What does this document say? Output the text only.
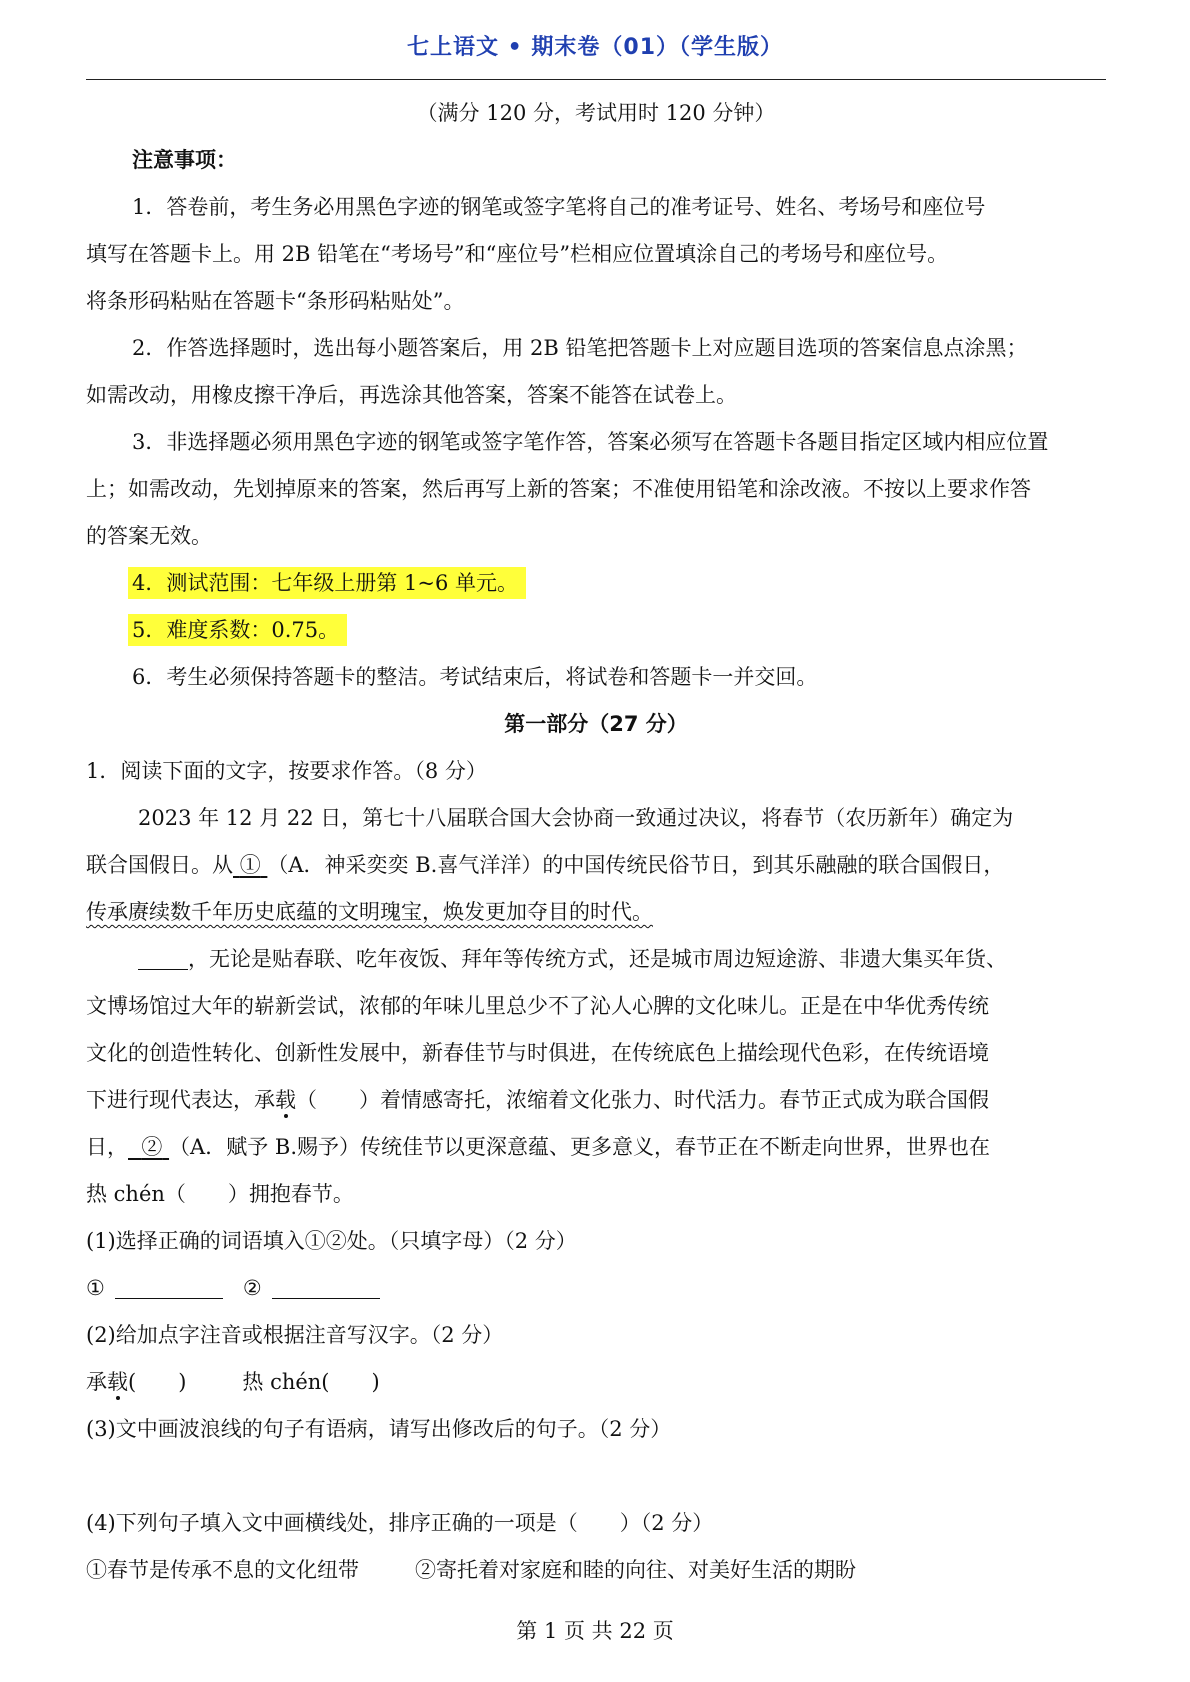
七上语文 • 期末卷（01）（学生版）
（满分 120 分，考试用时 120 分钟）
注意事项：
1．答卷前，考生务必用黑色字迹的钢笔或签字笔将自己的准考证号、姓名、考场号和座位号
填写在答题卡上。用 2B 铅笔在“考场号”和“座位号”栏相应位置填涂自己的考场号和座位号。
将条形码粘贴在答题卡“条形码粘贴处”。
2．作答选择题时，选出每小题答案后，用 2B 铅笔把答题卡上对应题目选项的答案信息点涂黑；
如需改动，用橡皮擦干净后，再选涂其他答案，答案不能答在试卷上。
3．非选择题必须用黑色字迹的钢笔或签字笔作答，答案必须写在答题卡各题目指定区域内相应位置
上；如需改动，先划掉原来的答案，然后再写上新的答案；不准使用铅笔和涂改液。不按以上要求作答
的答案无效。
4．测试范围：七年级上册第 1~6 单元。
5．难度系数：0.75。
6．考生必须保持答题卡的整洁。考试结束后，将试卷和答题卡一并交回。
第一部分（27 分）
1．阅读下面的文字，按要求作答。（8 分）
2023 年 12 月 22 日，第七十八届联合国大会协商一致通过决议，将春节（农历新年）确定为
联合国假日。从 ① （A．神采奕奕 B.喜气洋洋）的中国传统民俗节日，到其乐融融的联合国假日，
传承赓续数千年历史底蕴的文明瑰宝，焕发更加夺目的时代。
，无论是贴春联、吃年夜饭、拜年等传统方式，还是城市周边短途游、非遗大集买年货、
文博场馆过大年的崭新尝试，浓郁的年味儿里总少不了沁人心脾的文化味儿。正是在中华优秀传统
文化的创造性转化、创新性发展中，新春佳节与时俱进，在传统底色上描绘现代色彩，在传统语境
下进行现代表达，承载（　　）着情感寄托，浓缩着文化张力、时代活力。春节正式成为联合国假
日， ② （A．赋予 B.赐予）传统佳节以更深意蕴、更多意义，春节正在不断走向世界，世界也在
热 chén（　　）拥抱春节。
(1)选择正确的词语填入①②处。（只填字母）（2 分）
①	②
(2)给加点字注音或根据注音写汉字。（2 分）
承载(　　)	热 chén(　　)
(3)文中画波浪线的句子有语病，请写出修改后的句子。（2 分）
(4)下列句子填入文中画横线处，排序正确的一项是（　　）（2 分）
①春节是传承不息的文化纽带	②寄托着对家庭和睦的向往、对美好生活的期盼
第 1 页 共 22 页
